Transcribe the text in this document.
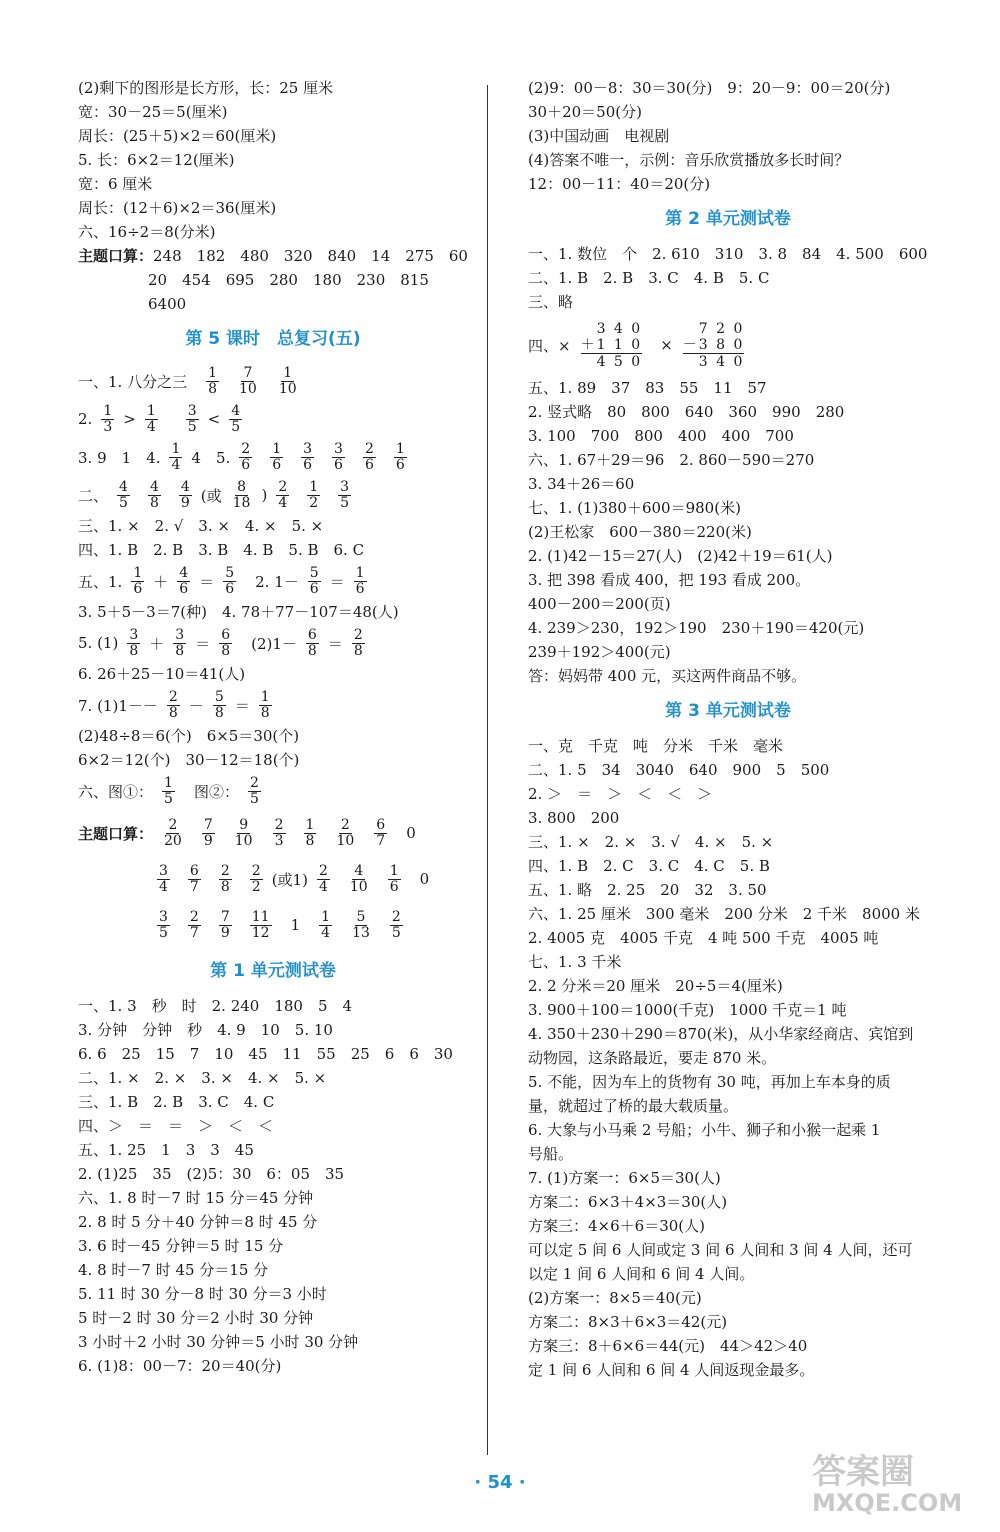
(2)剩下的图形是长方形，长：25 厘米
宽：30－25＝5(厘米)
周长：(25＋5)×2＝60(厘米)
5. 长：6×2＝12(厘米)
宽：6 厘米
周长：(12＋6)×2＝36(厘米)
六、16÷2＝8(分米)
主题口算：248　182　480　320　840　14　275　60
20　454　695　280　180　230　815
6400
第 5 课时　总复习(五)
一、1. 八分之三 $\frac{1}{8} \frac{7}{10} \frac{1}{10}$
2. $\frac{1}{3} > \frac{1}{4} \frac{3}{5} < \frac{4}{5}$
3. 9　1　4. $\frac{1}{4} 4$　5. $\frac{2}{6} \frac{1}{6} \frac{3}{6} \frac{3}{6} \frac{2}{6} \frac{1}{6}$
二、 $\frac{4}{5} \frac{4}{8} \frac{4}{9}$ (或 $\frac{8}{18}$ ) $\frac{2}{4} \frac{1}{2} \frac{3}{5}$
三、1. ×　2. √　3. ×　4. ×　5. ×
四、1. B　2. B　3. B　4. B　5. B　6. C
五、1. $\frac{1}{6} + \frac{4}{6} = \frac{5}{6} 2$. $1- \frac{5}{6} = \frac{1}{6}$
3. 5＋5－3＝7(种)　4. 78＋77－107＝48(人)
5. $(1) \frac{3}{8} + \frac{3}{8} = \frac{6}{8} (2)1- \frac{6}{8} = \frac{2}{8}$
6. 26＋25－10＝41(人)
7. $(1)1- - \frac{2}{8} - \frac{5}{8} = \frac{1}{8}$
(2)48÷8＝6(个)　6×5＝30(个)
6×2＝12(个)　30－12＝18(个)
六、图①： $\frac{1}{5}$ 图②： $\frac{2}{5}$
主题口算： $\frac{2}{20} \frac{7}{9} \frac{9}{10} \frac{2}{3} \frac{1}{8} \frac{2}{10} \frac{6}{7} 0$
$\frac{3}{4} \frac{6}{7} \frac{2}{8} \frac{2}{2}$ (或$1) \frac{2}{4} \frac{4}{10} \frac{1}{6} 0$
$\frac{3}{5} \frac{2}{7} \frac{7}{9} \frac{11}{12} 1 \frac{1}{4} \frac{5}{13} \frac{2}{5}$
第 1 单元测试卷
一、1. 3　秒　时　2. 240　180　5　4
3. 分钟　分钟　秒　4. 9　10　5. 10
6. 6　25　15　7　10　45　11　55　25　6　6　30
二、1. ×　2. ×　3. ×　4. ×　5. ×
三、1. B　2. B　3. C　4. C
四、＞　＝　＝　＞　＜　＜
五、1. 25　1　3　3　45
2. (1)25　35　(2)5：30　6：05　35
六、1. 8 时－7 时 15 分＝45 分钟
2. 8 时 5 分＋40 分钟＝8 时 45 分
3. 6 时－45 分钟＝5 时 15 分
4. 8 时－7 时 45 分＝15 分
5. 11 时 30 分－8 时 30 分＝3 小时
5 时－2 时 30 分＝2 小时 30 分钟
3 小时＋2 小时 30 分钟＝5 小时 30 分钟
6. (1)8：00－7：20＝40(分)
(2)9：00－8：30＝30(分)　9：20－9：00＝20(分)
30＋20＝50(分)
(3)中国动画　电视剧
(4)答案不唯一，示例：音乐欣赏播放多长时间？
12：00－11：40＝20(分)
第 2 单元测试卷
一、1. 数位　个　2. 610　310　3. 8　84　4. 500　600
二、1. B　2. B　3. C　4. B　5. C
三、略
四、×
3 4 0
＋1 1 0
4 5 0
×
7 2 0
－3 8 0
3 4 0
五、1. 89　37　83　55　11　57
2. 竖式略　80　800　640　360　990　280
3. 100　700　800　400　400　700
六、1. 67＋29＝96　2. 860－590＝270
3. 34＋26＝60
七、1. (1)380＋600＝980(米)
(2)王松家　600－380＝220(米)
2. (1)42－15＝27(人)　(2)42＋19＝61(人)
3. 把 398 看成 400，把 193 看成 200。
400－200＝200(页)
4. 239＞230，192＞190　230＋190＝420(元)
239＋192＞400(元)
答：妈妈带 400 元，买这两件商品不够。
第 3 单元测试卷
一、克　千克　吨　分米　千米　毫米
二、1. 5　34　3040　640　900　5　500
2. ＞　＝　＞　＜　＜　＞
3. 800　200
三、1. ×　2. ×　3. √　4. ×　5. ×
四、1. B　2. C　3. C　4. C　5. B
五、1. 略　2. 25　20　32　3. 50
六、1. 25 厘米　300 毫米　200 分米　2 千米　8000 米
2. 4005 克　4005 千克　4 吨 500 千克　4005 吨
七、1. 3 千米
2. 2 分米＝20 厘米　20÷5＝4(厘米)
3. 900＋100＝1000(千克)　1000 千克＝1 吨
4. 350＋230＋290＝870(米)，从小华家经商店、宾馆到
动物园，这条路最近，要走 870 米。
5. 不能，因为车上的货物有 30 吨，再加上车本身的质
量，就超过了桥的最大载质量。
6. 大象与小马乘 2 号船；小牛、狮子和小猴一起乘 1
号船。
7. (1)方案一：6×5＝30(人)
方案二：6×3＋4×3＝30(人)
方案三：4×6＋6＝30(人)
可以定 5 间 6 人间或定 3 间 6 人间和 3 间 4 人间，还可
以定 1 间 6 人间和 6 间 4 人间。
(2)方案一：8×5＝40(元)
方案二：8×3＋6×3＝42(元)
方案三：8＋6×6＝44(元)　44＞42＞40
定 1 间 6 人间和 6 间 4 人间返现金最多。
· 54 ·	答案圈
MXQE.COM
